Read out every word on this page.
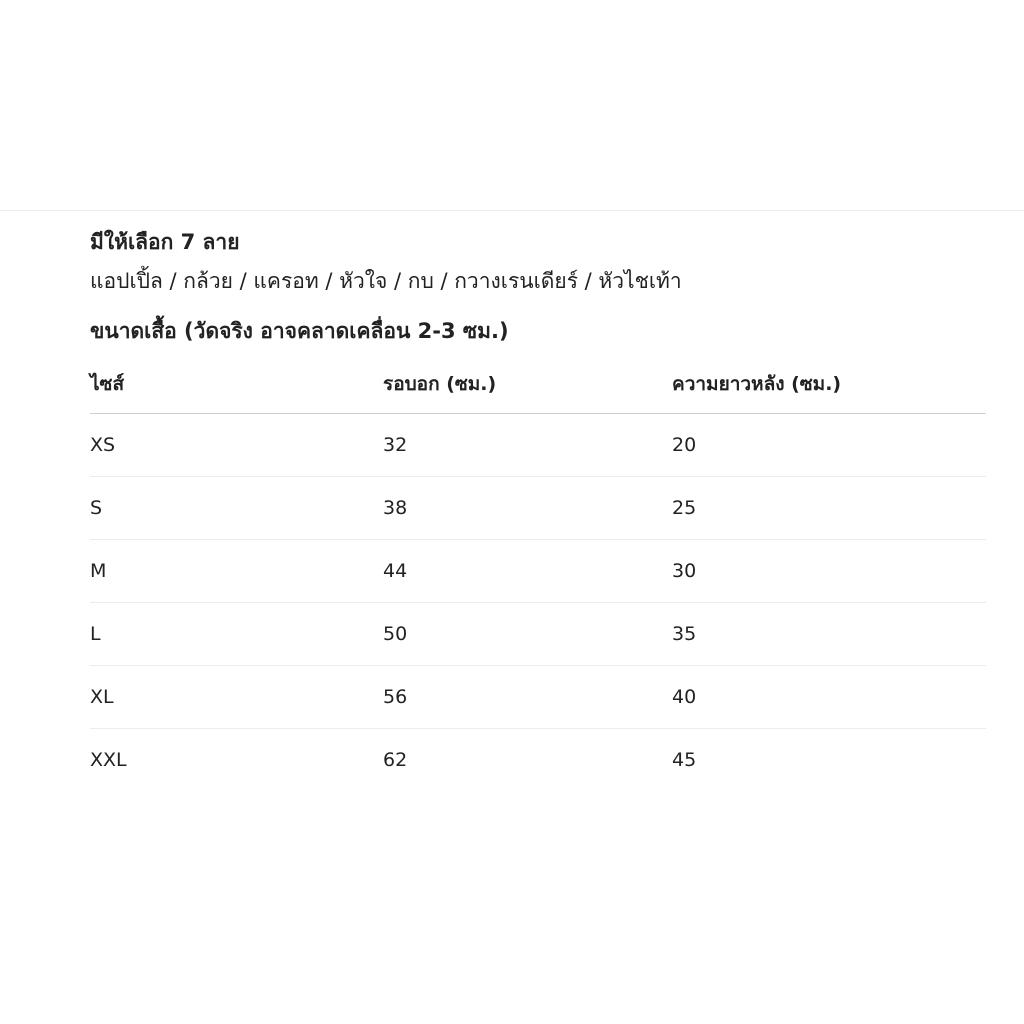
มีให้เลือก 7 ลาย

แอปเปิ้ล / กล้วย / แครอท / หัวใจ / กบ / กวางเรนเดียร์ / หัวไชเท้า

ขนาดเสื้อ (วัดจริง อาจคลาดเคลื่อน 2-3 ซม.)

ไซส์	รอบอก (ซม.)	ความยาวหลัง (ซม.)
XS	32	20
S	38	25
M	44	30
L	50	35
XL	56	40
XXL	62	45
